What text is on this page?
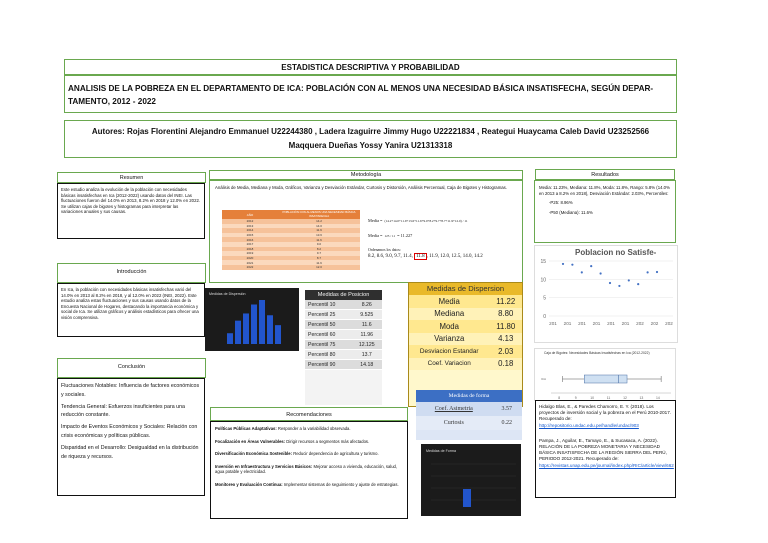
ESTADISTICA DESCRIPTIVA Y PROBABILIDAD
ANALISIS DE LA POBREZA EN EL DEPARTAMENTO DE ICA: POBLACIÓN CON AL MENOS UNA NECESIDAD BÁSICA INSATISFECHA, SEGÚN DEPAR-
TAMENTO, 2012 - 2022
Autores: Rojas Florentini Alejandro Emmanuel U22244380 , Ladera Izaguirre Jimmy Hugo U22221834 , Reategui Huaycama Caleb David U23252566
Maqquera Dueñas Yossy Yanira U21313318
Resumen
Este estudio analiza la evolución de la población con necesidades básicas insatisfechas en Ica (2012-2022) usando datos del INEI. Las fluctuaciones fueron del 14.0% en 2013, 8.2% en 2018 y 12.0% en 2022. Se utilizan cajas de bigotes y histogramas para interpretar las variaciones anuales y sus causas.
Introducción
En Ica, la población con necesidades básicas insatisfechas varió del 14.0% en 2013 al 8.2% en 2018, y al 12.0% en 2022 (INEI, 2022). Este estudio analiza estas fluctuaciones y sus causas usando datos de la Encuesta Nacional de Hogares, destacando la importancia económica y social de Ica. Se utilizan gráficos y análisis estadísticos para ofrecer una visión comprensiva.
Conclusión
Fluctuaciones Notables: Influencia de factores económicos y sociales.
Tendencia General: Esfuerzos insuficientes para una reducción constante.
Impacto de Eventos Económicos y Sociales: Relación con crisis económicas y políticas públicas.
Disparidad en el Desarrollo: Desigualdad en la distribución de riqueza y recursos.
Metodología
Análisis de Media, Mediana y Moda, Gráficos, Varianza y Desviación Estándar, Curtosis y Distorsión, Análisis Percentual, Caja de Bigotes y Histogramas.
AÑO	POBLACIÓN CON AL MENOS UNA NECESIDAD BÁSICA INSATISFECHA
2012	14.2
2013	14.0
2014	11.9
2015	13.6
2016	11.6
2017	9.0
2018	8.2
2019	9.7
2020	8.7
2021	11.9
2022	12.0
Media = (14.2+14.0+11.9+13.6+11.6+9.0+8.2+9.7+8.7+11.9+12.0) / 11
Media = 125 / 11 = 11.227
Ordenamos los datos:
8.2, 8.6, 9.0, 9.7, 11.4, 11.8 , 11.9, 12.0, 12.5, 14.0, 14.2
Medidas de Dispersión	Medidas de Posicion
Percentil 10	8.26
Percentil 25	9.525
Percentil 50	11.6
Percentil 60	11.96
Percentil 75	12.125
Percentil 80	13.7
Percentil 90	14.18
Medidas de Dispersion
Media	11.22
Mediana	8.80
Moda	11.80
Varianza	4.13
Desviacion Estandar	2.03
Coef. Variacion	0.18
Resultados
Media: 11.23%, Mediana: 11.8%, Moda: 11.8%, Rango: 5.8% (14.0% en 2013 a 8.2% en 2018), Desviación Estándar: 2.03%, Percentiles:
-P25: 8.96%
-P50 (Mediana): 11.6%
Poblacion no Satisfe-
15
10
5
0
201 201 201 201 201 201 202 202 202
Caja de Bigotes: Necesidades Básicas Insatisfechas en Ica (2012-2022)
8	9	10	11	12	13	14
ICA
Recomendaciones
Políticas Públicas Adaptativas: Responder a la variabilidad observada.
Focalización en Áreas Vulnerables: Dirigir recursos a segmentos más afectados.
Diversificación Económica Sostenible: Reducir dependencia de agricultura y turismo.
Inversión en Infraestructura y Servicios Básicos: Mejorar acceso a vivienda, educación, salud, agua potable y electricidad.
Monitoreo y Evaluación Continua: Implementar sistemas de seguimiento y ajuste de estrategias.
Medidas de forma
Coef. Asimetria	3.57
Curtosis	0.22
Medidas de Forma
Hidalgo Blas, E., & Paredes Chamorro, E. Y. (2018). Los proyectos de inversión social y la pobreza en el Perú 2010-2017. Recuperado de: http://repositorio.undac.edu.pe/handle/undac/903
Pampa, J., Aguilar, E., Tamayo, E., & Sucasaca, A. (2022). RELACIÓN DE LA POBREZA MONETARIA Y NECESIDAD BÁSICA INSATISFECHA DE LA REGIÓN SIERRA DEL PERÚ, PERIODO 2012-2021. Recuperado de: https://revistas.unap.edu.pe/journal/index.php/RIC/article/view/662
